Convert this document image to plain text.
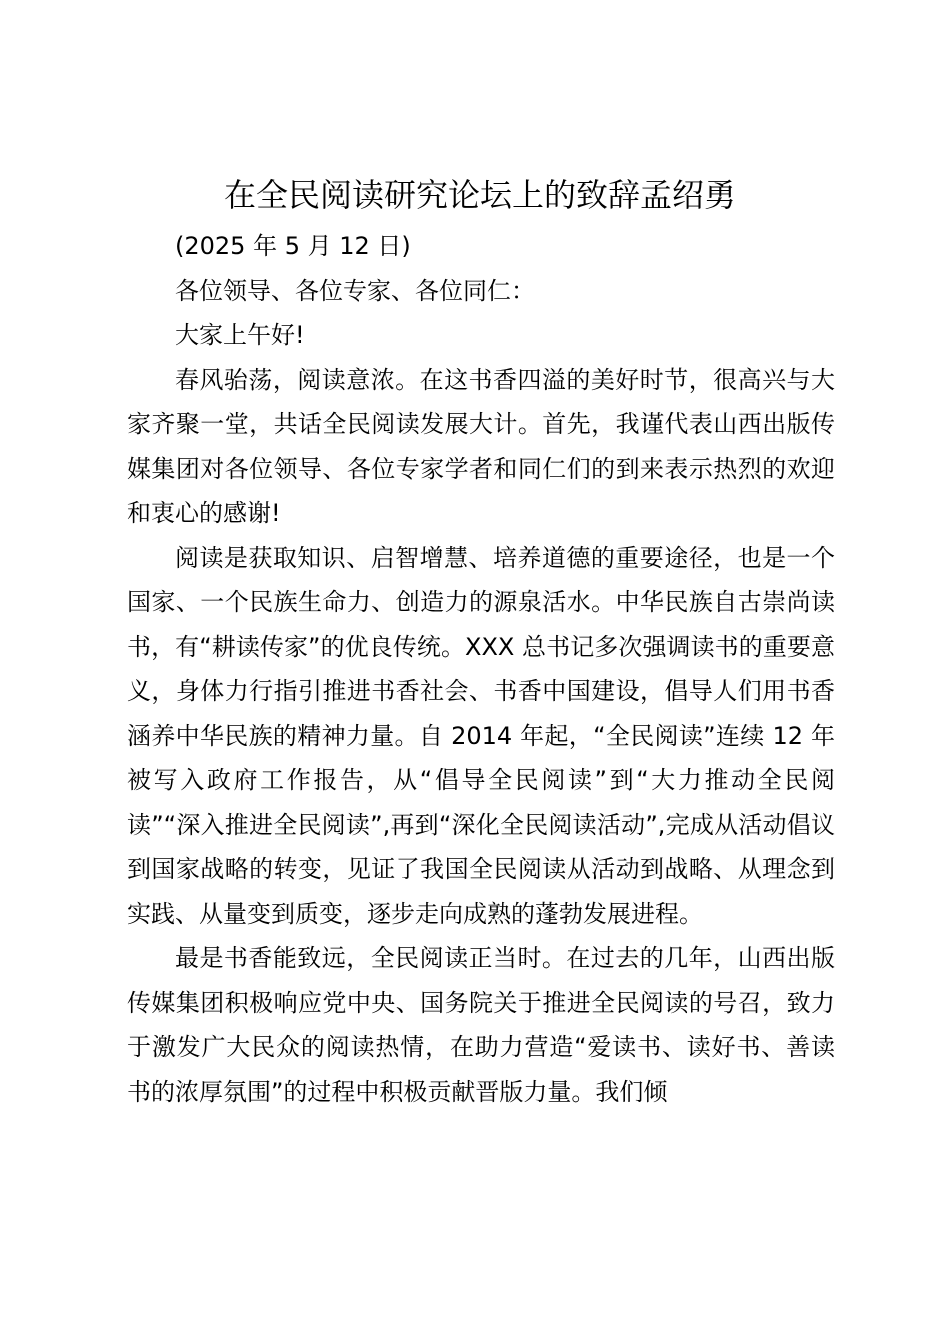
在全民阅读研究论坛上的致辞孟绍勇

(2025 年 5 月 12 日)

各位领导、各位专家、各位同仁：

大家上午好!

春风骀荡，阅读意浓。在这书香四溢的美好时节，很高兴与大家齐聚一堂，共话全民阅读发展大计。首先，我谨代表山西出版传媒集团对各位领导、各位专家学者和同仁们的到来表示热烈的欢迎和衷心的感谢!

阅读是获取知识、启智增慧、培养道德的重要途径，也是一个国家、一个民族生命力、创造力的源泉活水。中华民族自古崇尚读书，有“耕读传家”的优良传统。XXX 总书记多次强调读书的重要意义，身体力行指引推进书香社会、书香中国建设，倡导人们用书香涵养中华民族的精神力量。自 2014 年起，“全民阅读”连续 12 年被写入政府工作报告，从“倡导全民阅读”到“大力推动全民阅读”“深入推进全民阅读”,再到“深化全民阅读活动”,完成从活动倡议到国家战略的转变，见证了我国全民阅读从活动到战略、从理念到实践、从量变到质变，逐步走向成熟的蓬勃发展进程。

最是书香能致远，全民阅读正当时。在过去的几年，山西出版传媒集团积极响应党中央、国务院关于推进全民阅读的号召，致力于激发广大民众的阅读热情，在助力营造“爱读书、读好书、善读书的浓厚氛围”的过程中积极贡献晋版力量。我们倾
